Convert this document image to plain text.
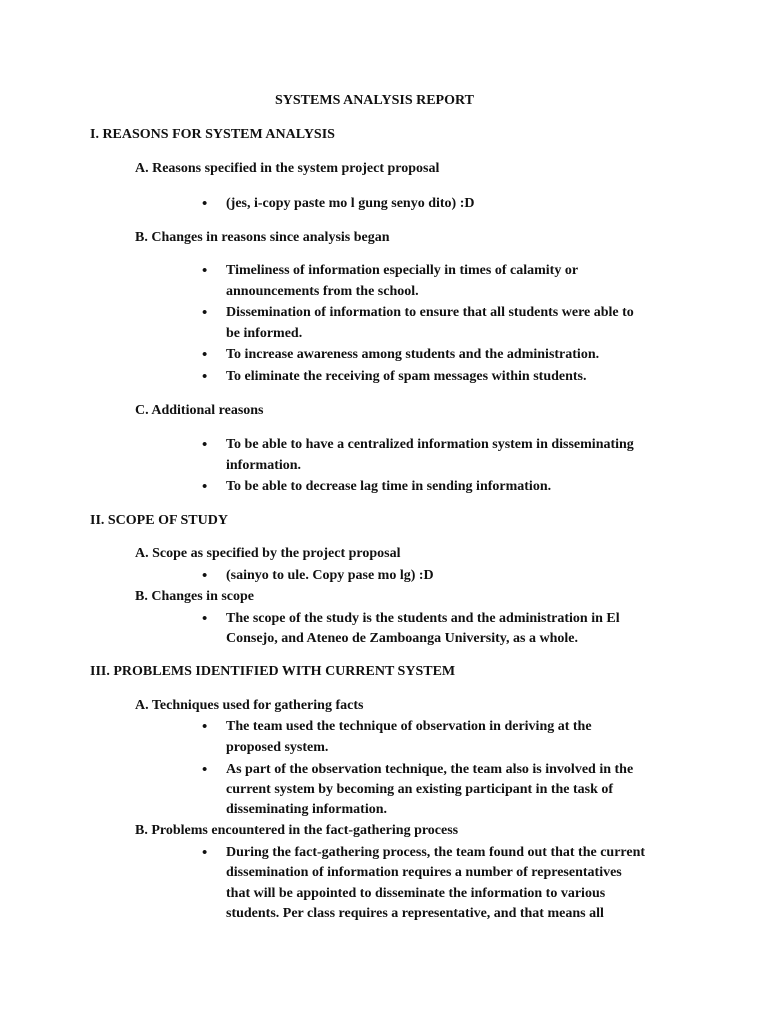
SYSTEMS ANALYSIS REPORT
I. REASONS FOR SYSTEM ANALYSIS
A. Reasons specified in the system project proposal
• (jes, i-copy paste mo l gung senyo dito) :D
B. Changes in reasons since analysis began
• Timeliness of information especially in times of calamity or
announcements from the school.
• Dissemination of information to ensure that all students were able to
be informed.
• To increase awareness among students and the administration.
• To eliminate the receiving of spam messages within students.
C. Additional reasons
• To be able to have a centralized information system in disseminating
information.
• To be able to decrease lag time in sending information.
II. SCOPE OF STUDY
A. Scope as specified by the project proposal
• (sainyo to ule. Copy pase mo lg) :D
B. Changes in scope
• The scope of the study is the students and the administration in El
Consejo, and Ateneo de Zamboanga University, as a whole.
III. PROBLEMS IDENTIFIED WITH CURRENT SYSTEM
A. Techniques used for gathering facts
• The team used the technique of observation in deriving at the
proposed system.
• As part of the observation technique, the team also is involved in the
current system by becoming an existing participant in the task of
disseminating information.
B. Problems encountered in the fact-gathering process
• During the fact-gathering process, the team found out that the current
dissemination of information requires a number of representatives
that will be appointed to disseminate the information to various
students. Per class requires a representative, and that means all
